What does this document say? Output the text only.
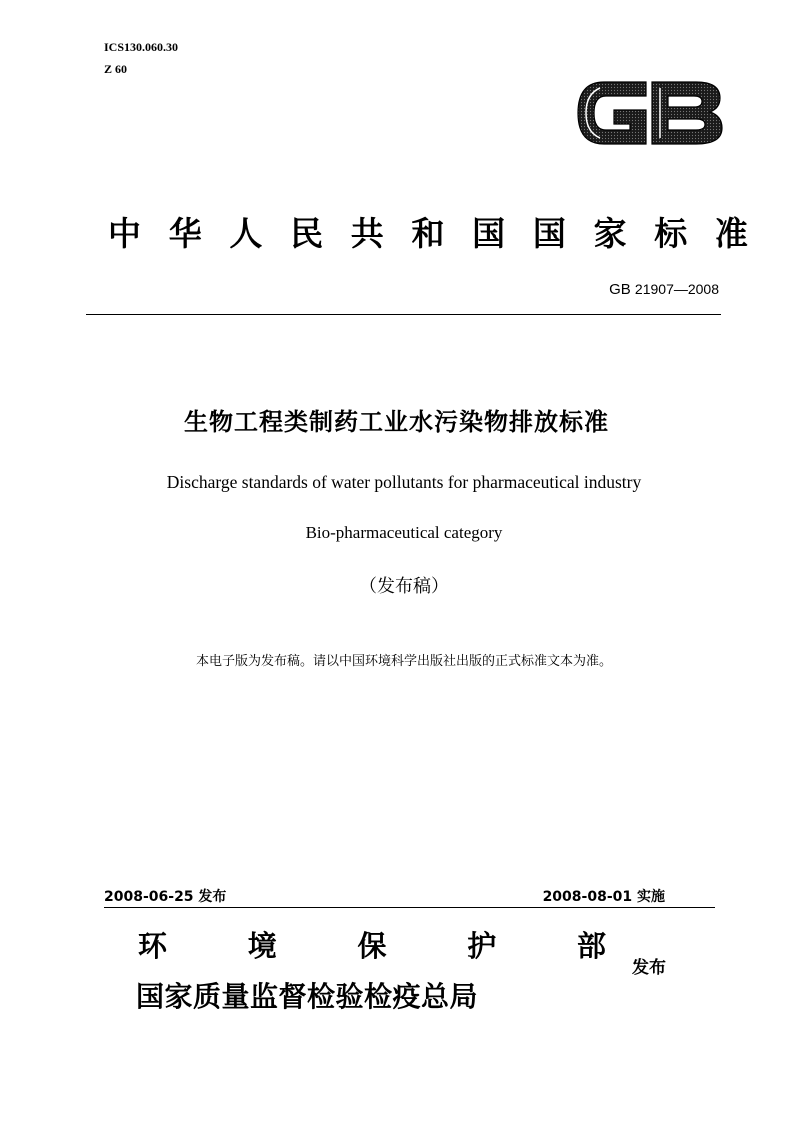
ICS130.060.30
Z 60
中 华 人 民 共 和 国 国 家 标 准
GB 21907—2008
生物工程类制药工业水污染物排放标准
Discharge standards of water pollutants for pharmaceutical industry
Bio-pharmaceutical category
（发布稿）
本电子版为发布稿。请以中国环境科学出版社出版的正式标准文本为准。
2008-06-25 发布	2008-08-01 实施
环	境	保	护	部
国家质量监督检验检疫总局
发布
